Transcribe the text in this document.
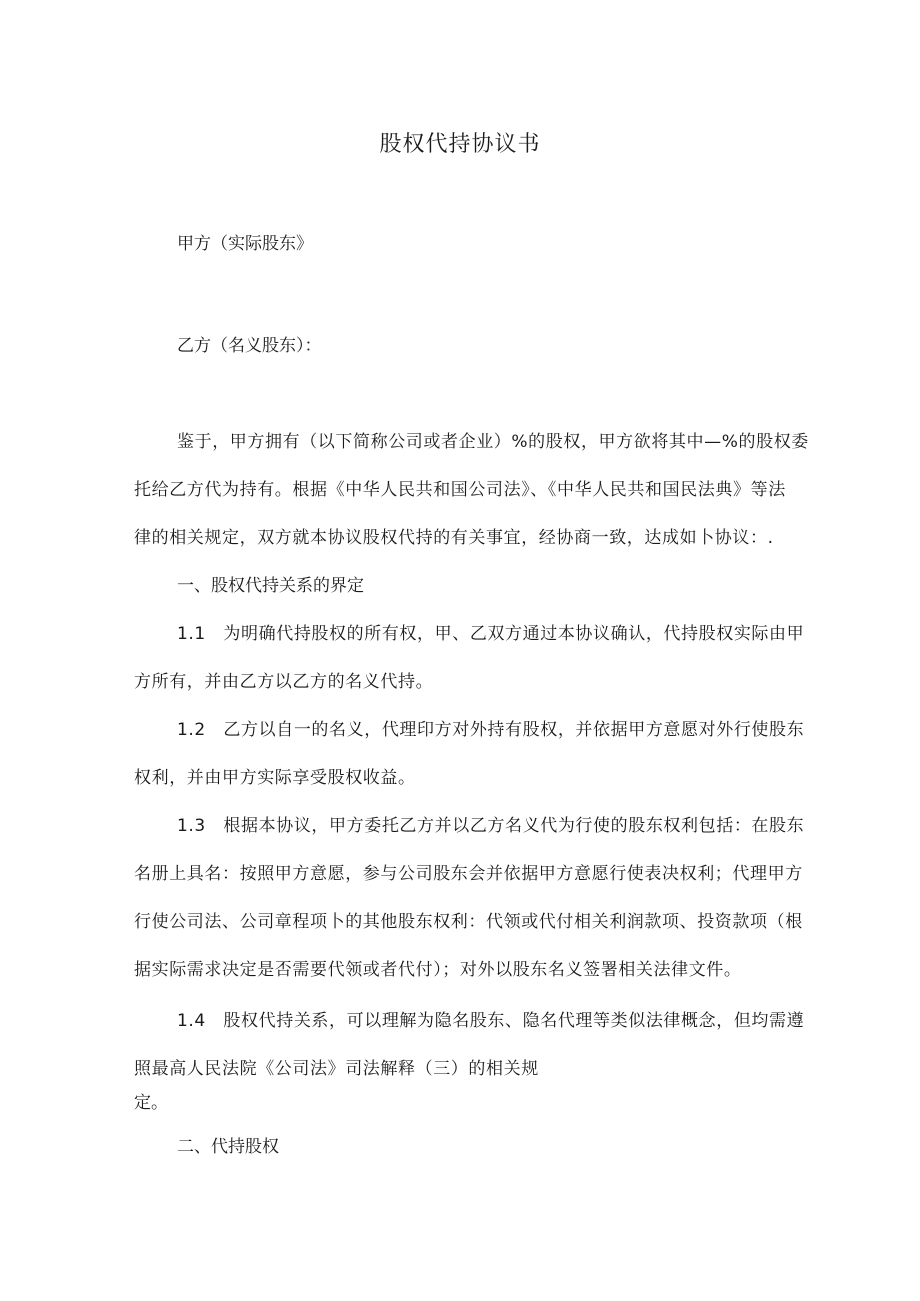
股权代持协议书
甲方（实际股东》
乙方（名义股东）：
鉴于，甲方拥有（以下简称公司或者企业）%的股权，甲方欲将其中—%的股权委
托给乙方代为持有。根据《中华人民共和国公司法》、《中华人民共和国民法典》等法
律的相关规定，双方就本协议股权代持的有关事宜，经协商一致，达成如卜协议：.
一、股权代持关系的界定
1.1　为明确代持股权的所有权，甲、乙双方通过本协议确认，代持股权实际由甲
方所有，并由乙方以乙方的名义代持。
1.2　乙方以自一的名义，代理印方对外持有股权，并依据甲方意愿对外行使股东
权利，并由甲方实际享受股权收益。
1.3　根据本协议，甲方委托乙方并以乙方名义代为行使的股东权利包括：在股东
名册上具名：按照甲方意愿，参与公司股东会并依据甲方意愿行使表决权利；代理甲方
行使公司法、公司章程项卜的其他股东权利：代领或代付相关利润款项、投资款项（根
据实际需求决定是否需要代领或者代付）；对外以股东名义签署相关法律文件。
1.4　股权代持关系，可以理解为隐名股东、隐名代理等类似法律概念，但均需遵
照最高人民法院《公司法》司法解释（三）的相关规
定。
二、代持股权
